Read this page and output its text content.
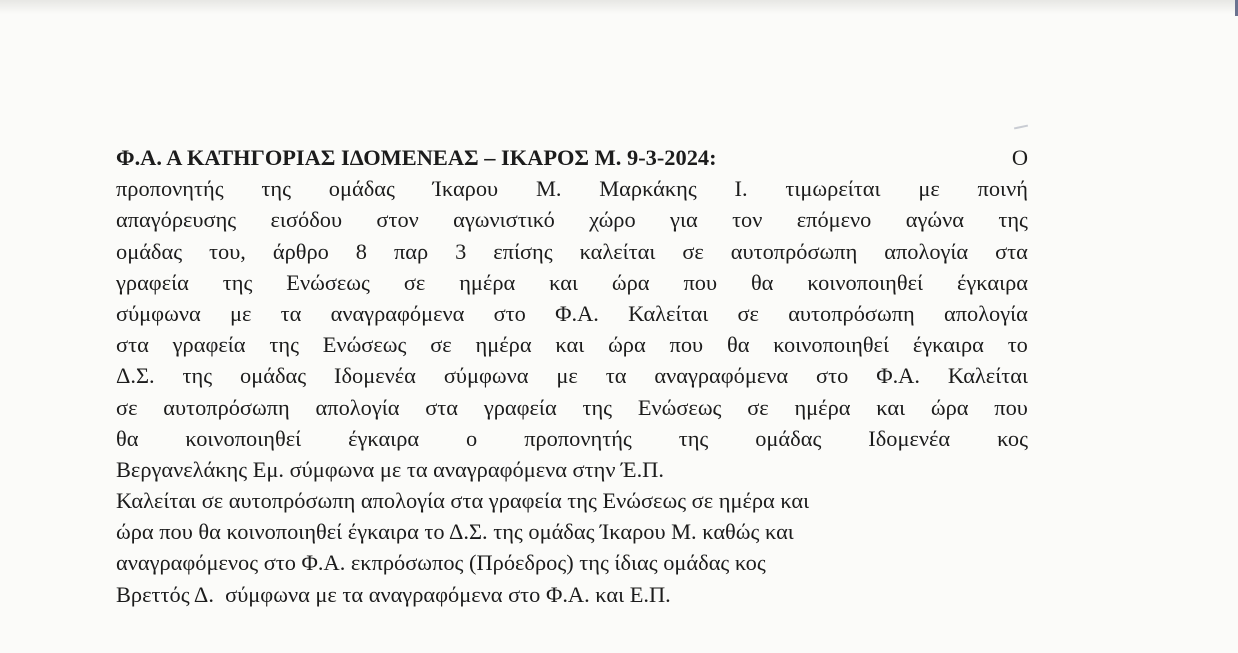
Φ.Α. Α ΚΑΤΗΓΟΡΙΑΣ ΙΔΟΜΕΝΕΑΣ – ΙΚΑΡΟΣ Μ. 9-3-2024:	Ο
προπονητής της ομάδας Ίκαρου Μ. Μαρκάκης Ι. τιμωρείται με ποινή
απαγόρευσης εισόδου στον αγωνιστικό χώρο για τον επόμενο αγώνα της
ομάδας του, άρθρο 8 παρ 3 επίσης καλείται σε αυτοπρόσωπη απολογία στα
γραφεία της Ενώσεως σε ημέρα και ώρα που θα κοινοποιηθεί έγκαιρα
σύμφωνα με τα αναγραφόμενα στο Φ.Α. Καλείται σε αυτοπρόσωπη απολογία
στα γραφεία της Ενώσεως σε ημέρα και ώρα που θα κοινοποιηθεί έγκαιρα το
Δ.Σ. της ομάδας Ιδομενέα σύμφωνα με τα αναγραφόμενα στο Φ.Α. Καλείται
σε αυτοπρόσωπη απολογία στα γραφεία της Ενώσεως σε ημέρα και ώρα που
θα κοινοποιηθεί έγκαιρα ο προπονητής της ομάδας Ιδομενέα κος
Βεργανελάκης Εμ. σύμφωνα με τα αναγραφόμενα στην Έ.Π.
Καλείται σε αυτοπρόσωπη απολογία στα γραφεία της Ενώσεως σε ημέρα και
ώρα που θα κοινοποιηθεί έγκαιρα το Δ.Σ. της ομάδας Ίκαρου Μ. καθώς και
αναγραφόμενος στο Φ.Α. εκπρόσωπος (Πρόεδρος) της ίδιας ομάδας κος
Βρεττός Δ.  σύμφωνα με τα αναγραφόμενα στο Φ.Α. και Ε.Π.
